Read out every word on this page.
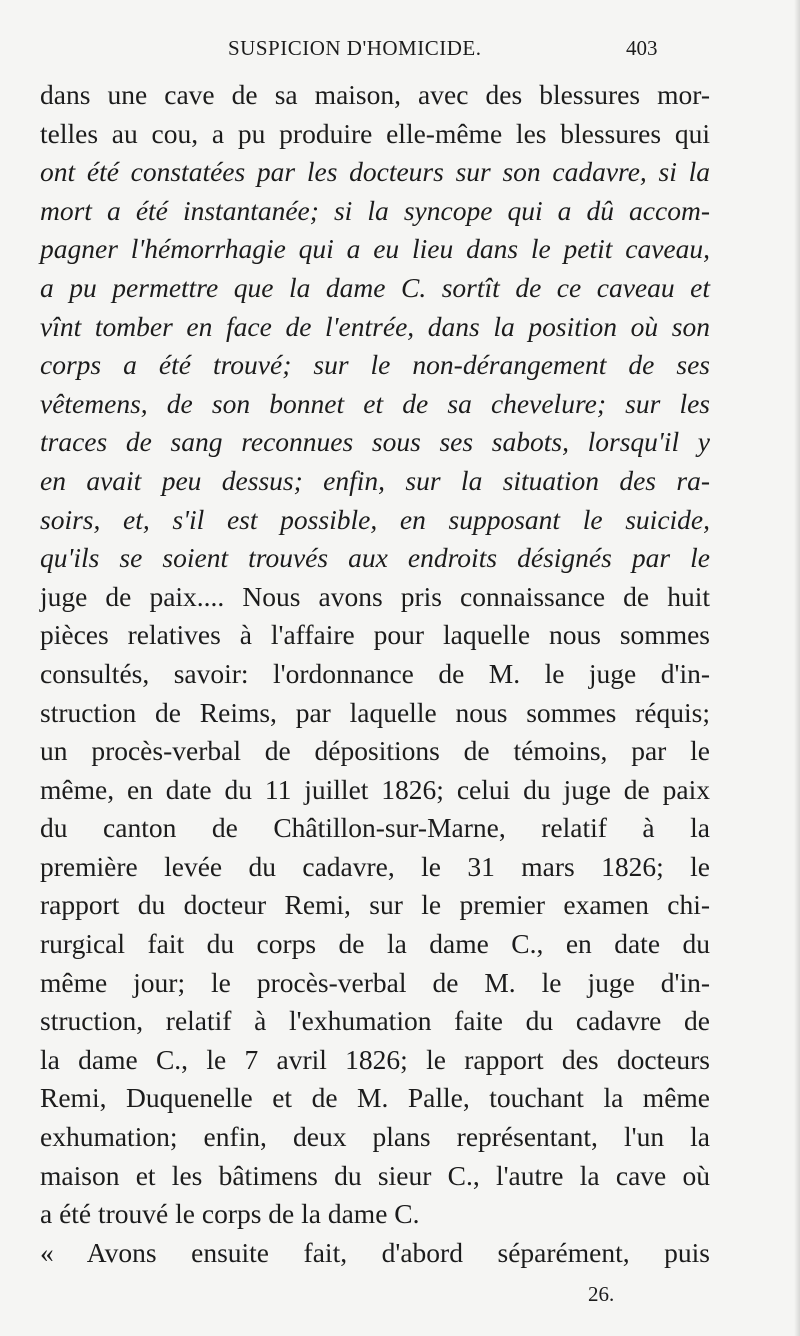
SUSPICION D'HOMICIDE.	403
dans une cave de sa maison, avec des blessures mor-
telles au cou, a pu produire elle-même les blessures qui
ont été constatées par les docteurs sur son cadavre, si la
mort a été instantanée; si la syncope qui a dû accom-
pagner l'hémorrhagie qui a eu lieu dans le petit caveau,
a pu permettre que la dame C. sortît de ce caveau et
vînt tomber en face de l'entrée, dans la position où son
corps a été trouvé; sur le non-dérangement de ses
vêtemens, de son bonnet et de sa chevelure; sur les
traces de sang reconnues sous ses sabots, lorsqu'il y
en avait peu dessus; enfin, sur la situation des ra-
soirs, et, s'il est possible, en supposant le suicide,
qu'ils se soient trouvés aux endroits désignés par le
juge de paix.... Nous avons pris connaissance de huit
pièces relatives à l'affaire pour laquelle nous sommes
consultés, savoir: l'ordonnance de M. le juge d'in-
struction de Reims, par laquelle nous sommes réquis;
un procès-verbal de dépositions de témoins, par le
même, en date du 11 juillet 1826; celui du juge de paix
du canton de Châtillon-sur-Marne, relatif à la
première levée du cadavre, le 31 mars 1826; le
rapport du docteur Remi, sur le premier examen chi-
rurgical fait du corps de la dame C., en date du
même jour; le procès-verbal de M. le juge d'in-
struction, relatif à l'exhumation faite du cadavre de
la dame C., le 7 avril 1826; le rapport des docteurs
Remi, Duquenelle et de M. Palle, touchant la même
exhumation; enfin, deux plans représentant, l'un la
maison et les bâtimens du sieur C., l'autre la cave où
a été trouvé le corps de la dame C.
« Avons ensuite fait, d'abord séparément, puis
26.
